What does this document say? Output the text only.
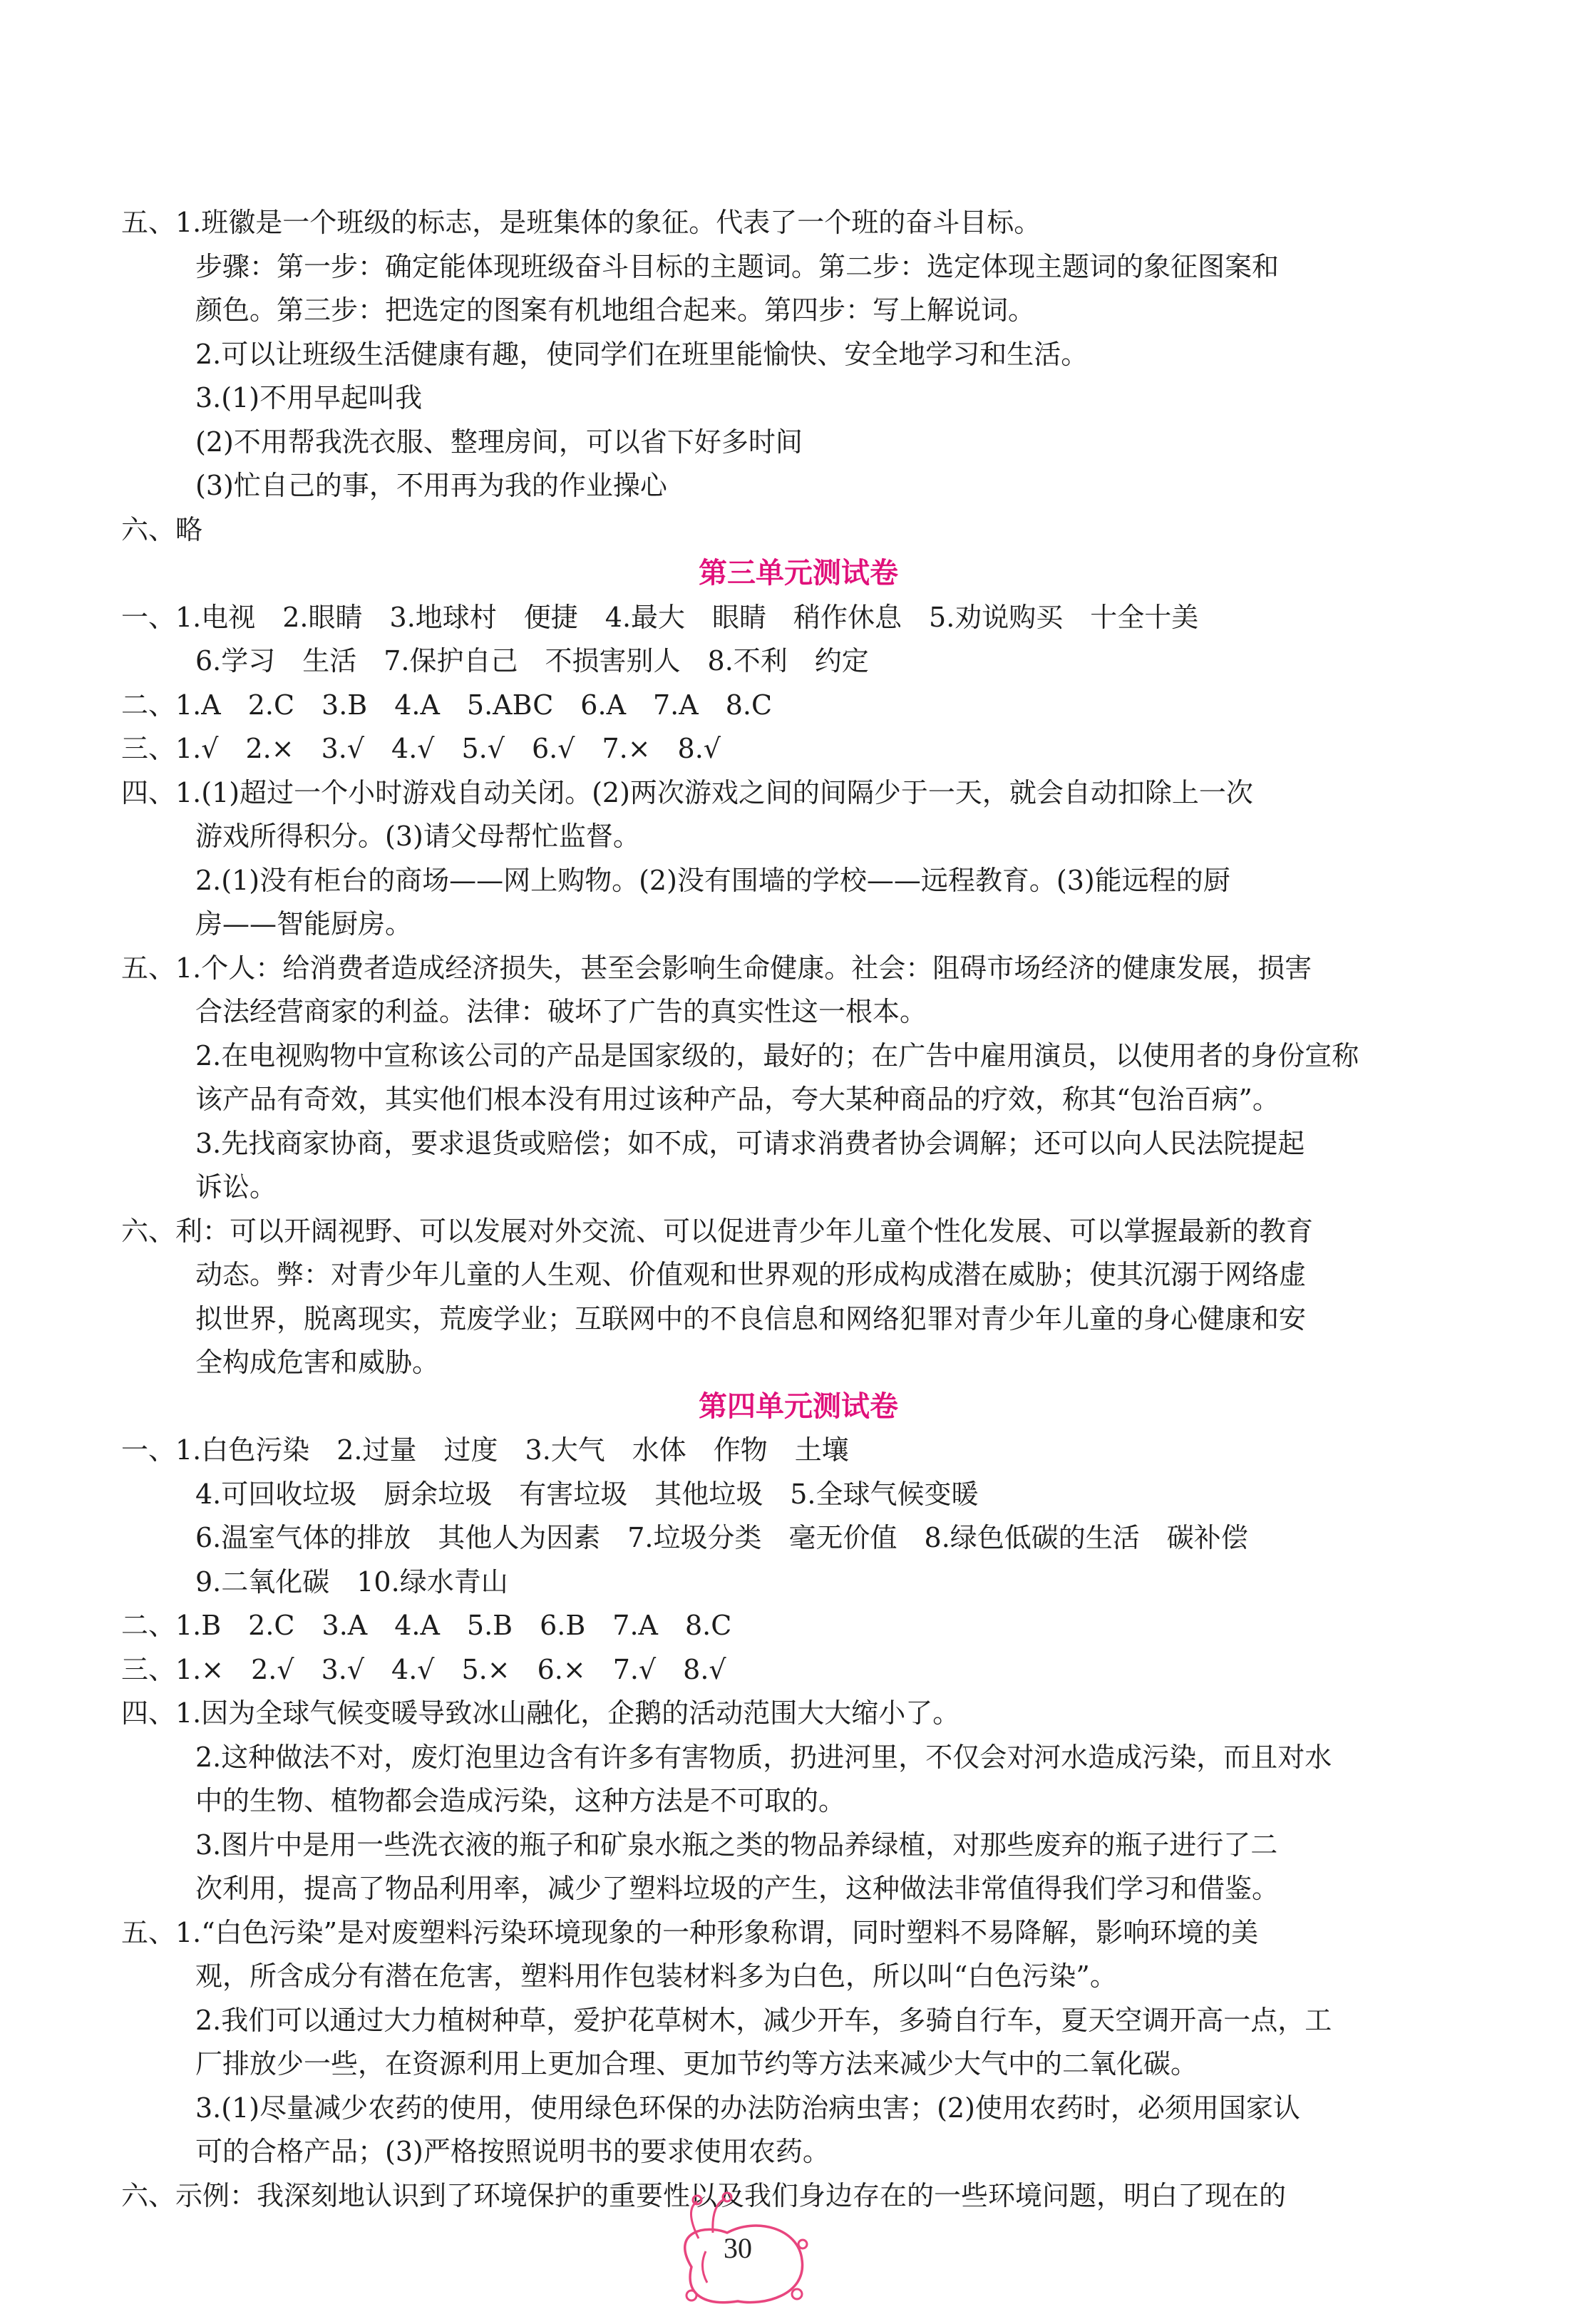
五、1.班徽是一个班级的标志，是班集体的象征。代表了一个班的奋斗目标。
步骤：第一步：确定能体现班级奋斗目标的主题词。第二步：选定体现主题词的象征图案和
颜色。第三步：把选定的图案有机地组合起来。第四步：写上解说词。
2.可以让班级生活健康有趣，使同学们在班里能愉快、安全地学习和生活。
3.(1)不用早起叫我
(2)不用帮我洗衣服、整理房间，可以省下好多时间
(3)忙自己的事，不用再为我的作业操心
六、略
第三单元测试卷
一、1.电视　2.眼睛　3.地球村　便捷　4.最大　眼睛　稍作休息　5.劝说购买　十全十美
6.学习　生活　7.保护自己　不损害别人　8.不利　约定
二、1.A　2.C　3.B　4.A　5.ABC　6.A　7.A　8.C
三、1.√　2.×　3.√　4.√　5.√　6.√　7.×　8.√
四、1.(1)超过一个小时游戏自动关闭。(2)两次游戏之间的间隔少于一天，就会自动扣除上一次
游戏所得积分。(3)请父母帮忙监督。
2.(1)没有柜台的商场——网上购物。(2)没有围墙的学校——远程教育。(3)能远程的厨
房——智能厨房。
五、1.个人：给消费者造成经济损失，甚至会影响生命健康。社会：阻碍市场经济的健康发展，损害
合法经营商家的利益。法律：破坏了广告的真实性这一根本。
2.在电视购物中宣称该公司的产品是国家级的，最好的；在广告中雇用演员，以使用者的身份宣称
该产品有奇效，其实他们根本没有用过该种产品，夸大某种商品的疗效，称其“包治百病”。
3.先找商家协商，要求退货或赔偿；如不成，可请求消费者协会调解；还可以向人民法院提起
诉讼。
六、利：可以开阔视野、可以发展对外交流、可以促进青少年儿童个性化发展、可以掌握最新的教育
动态。弊：对青少年儿童的人生观、价值观和世界观的形成构成潜在威胁；使其沉溺于网络虚
拟世界，脱离现实，荒废学业；互联网中的不良信息和网络犯罪对青少年儿童的身心健康和安
全构成危害和威胁。
第四单元测试卷
一、1.白色污染　2.过量　过度　3.大气　水体　作物　土壤
4.可回收垃圾　厨余垃圾　有害垃圾　其他垃圾　5.全球气候变暖
6.温室气体的排放　其他人为因素　7.垃圾分类　毫无价值　8.绿色低碳的生活　碳补偿
9.二氧化碳　10.绿水青山
二、1.B　2.C　3.A　4.A　5.B　6.B　7.A　8.C
三、1.×　2.√　3.√　4.√　5.×　6.×　7.√　8.√
四、1.因为全球气候变暖导致冰山融化，企鹅的活动范围大大缩小了。
2.这种做法不对，废灯泡里边含有许多有害物质，扔进河里，不仅会对河水造成污染，而且对水
中的生物、植物都会造成污染，这种方法是不可取的。
3.图片中是用一些洗衣液的瓶子和矿泉水瓶之类的物品养绿植，对那些废弃的瓶子进行了二
次利用，提高了物品利用率，减少了塑料垃圾的产生，这种做法非常值得我们学习和借鉴。
五、1.“白色污染”是对废塑料污染环境现象的一种形象称谓，同时塑料不易降解，影响环境的美
观，所含成分有潜在危害，塑料用作包装材料多为白色，所以叫“白色污染”。
2.我们可以通过大力植树种草，爱护花草树木，减少开车，多骑自行车，夏天空调开高一点，工
厂排放少一些，在资源利用上更加合理、更加节约等方法来减少大气中的二氧化碳。
3.(1)尽量减少农药的使用，使用绿色环保的办法防治病虫害；(2)使用农药时，必须用国家认
可的合格产品；(3)严格按照说明书的要求使用农药。
六、示例：我深刻地认识到了环境保护的重要性以及我们身边存在的一些环境问题，明白了现在的
30
